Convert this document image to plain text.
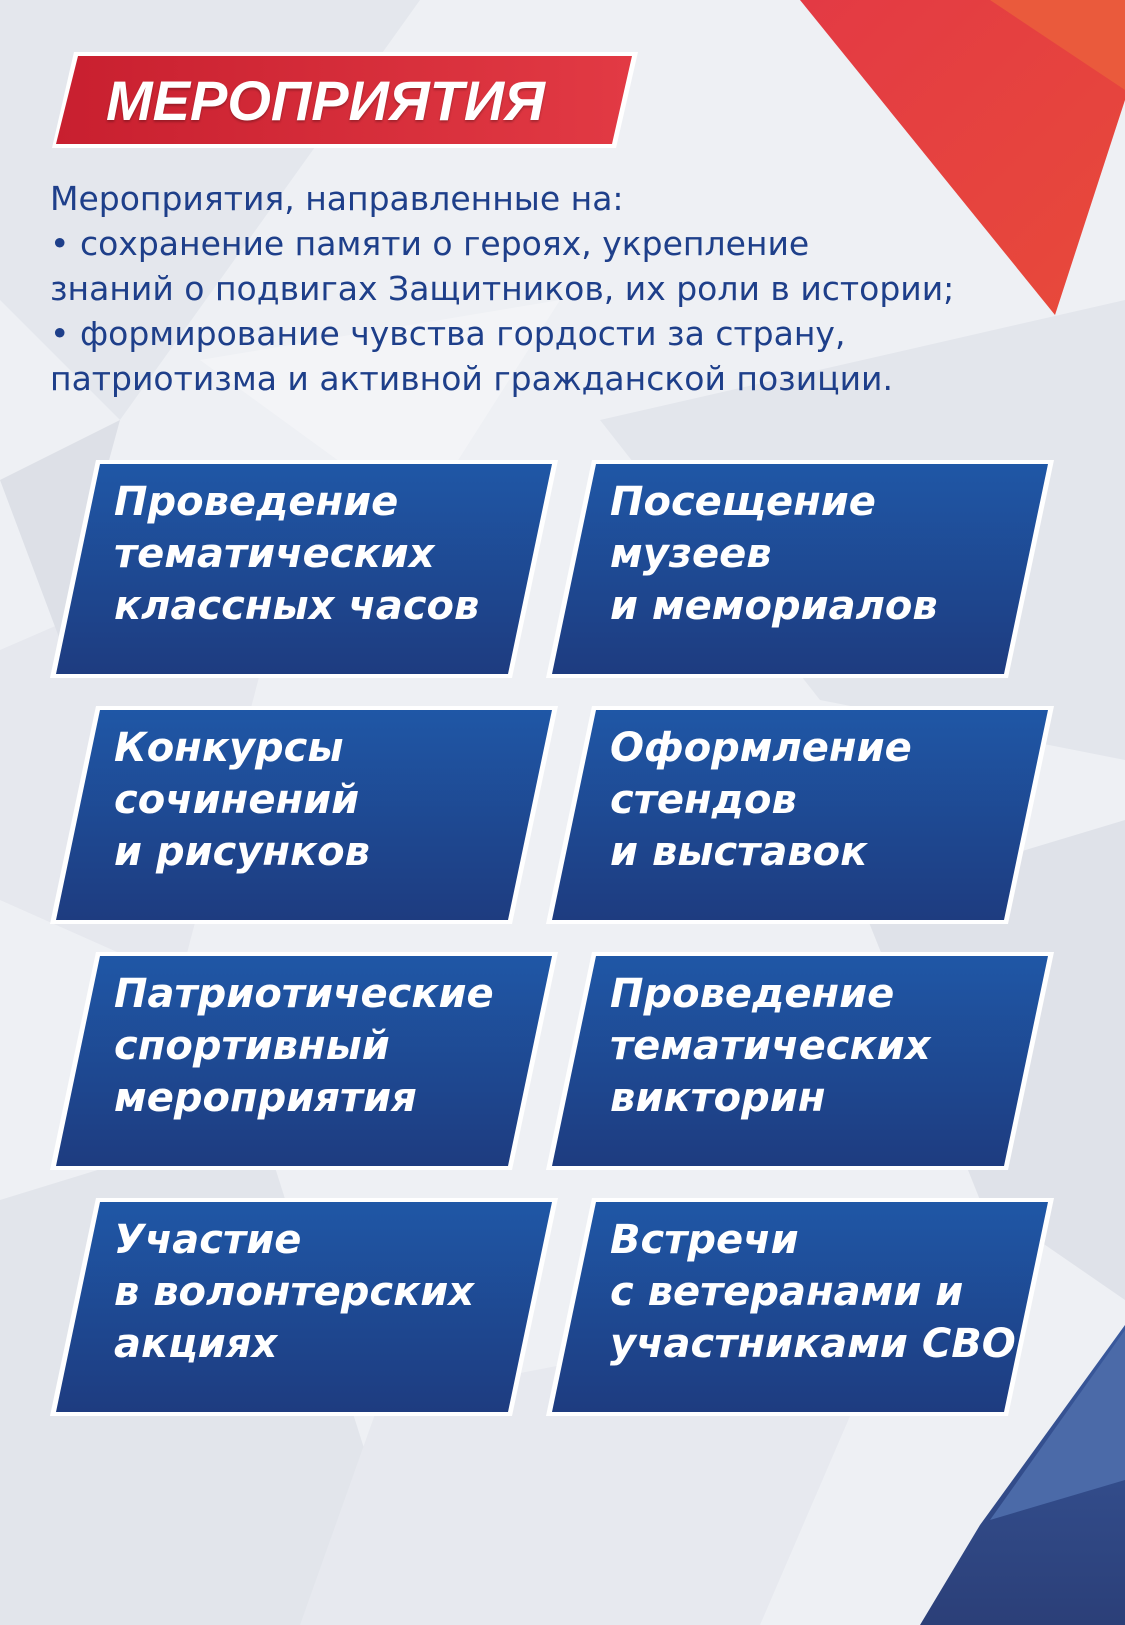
МЕРОПРИЯТИЯ
Мероприятия, направленные на:
• сохранение памяти о героях, укрепление
знаний о подвигах Защитников, их роли в истории;
• формирование чувства гордости за страну,
патриотизма и активной гражданской позиции.
Проведение
тематических
классных часов
Посещение
музеев
и мемориалов
Конкурсы
сочинений
и рисунков
Оформление
стендов
и выставок
Патриотические
спортивный
мероприятия
Проведение
тематических
викторин
Участие
в волонтерских
акциях
Встречи
с ветеранами и
участниками СВО
